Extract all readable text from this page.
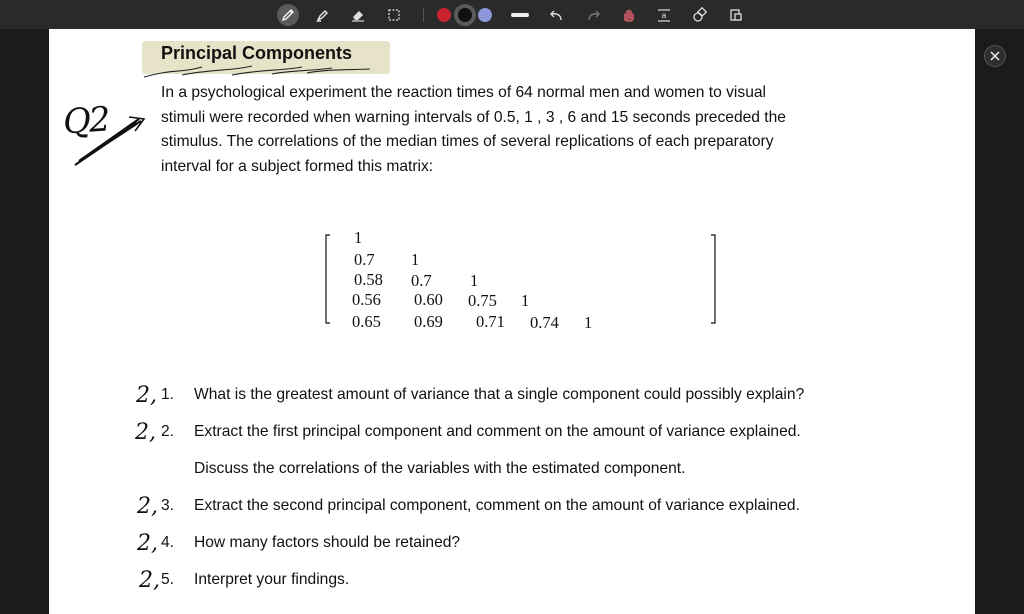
a
Principal Components
In a psychological experiment the reaction times of 64 normal men and women to visual
stimuli were recorded when warning intervals of 0.5, 1 , 3 , 6 and 15 seconds preceded the
stimulus. The correlations of the median times of several replications of each preparatory
interval for a subject formed this matrix:
Q2
1
0.7 1
0.58 0.7 1
0.56 0.60 0.75 1
0.65 0.69 0.71 0.74 1
1. What is the greatest amount of variance that a single component could possibly explain?
2. Extract the first principal component and comment on the amount of variance explained.
Discuss the correlations of the variables with the estimated component.
3. Extract the second principal component, comment on the amount of variance explained.
4. How many factors should be retained?
5. Interpret your findings.
2,
2,
2,
2,
2,
